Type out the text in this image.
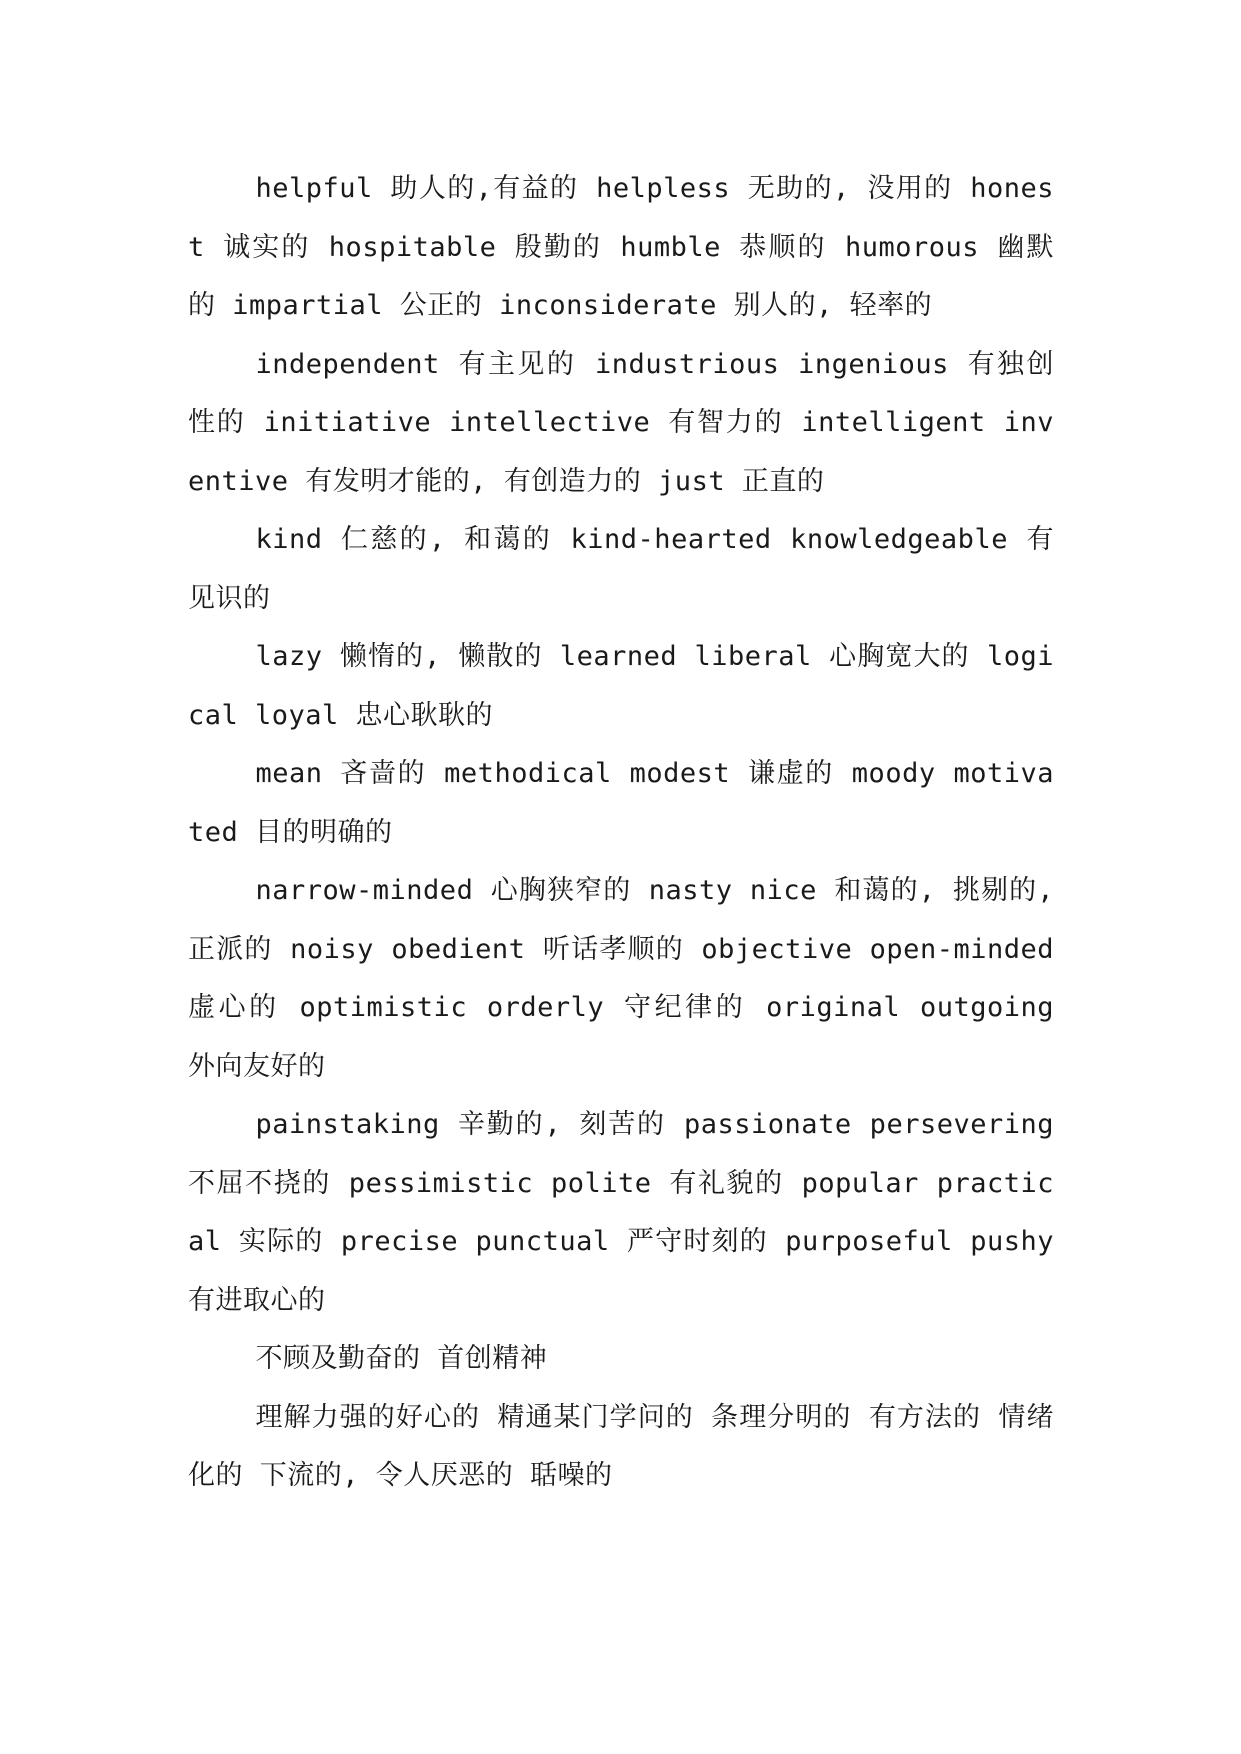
helpful 助人的,有益的 helpless 无助的, 没用的 honest 诚实的 hospitable 殷勤的 humble 恭顺的 humorous 幽默的 impartial 公正的 inconsiderate 别人的, 轻率的

independent 有主见的 industrious ingenious 有独创性的 initiative intellective 有智力的 intelligent inventive 有发明才能的, 有创造力的 just 正直的

kind 仁慈的, 和蔼的 kind-hearted knowledgeable 有见识的

lazy 懒惰的, 懒散的 learned liberal 心胸宽大的 logical loyal 忠心耿耿的

mean 吝啬的 methodical modest 谦虚的 moody motivated 目的明确的

narrow-minded 心胸狭窄的 nasty nice 和蔼的, 挑剔的, 正派的 noisy obedient 听话孝顺的 objective open-minded 虚心的 optimistic orderly 守纪律的 original outgoing 外向友好的

painstaking 辛勤的, 刻苦的 passionate persevering 不屈不挠的 pessimistic polite 有礼貌的 popular practical 实际的 precise punctual 严守时刻的 purposeful pushy 有进取心的

不顾及勤奋的 首创精神

理解力强的好心的 精通某门学问的 条理分明的 有方法的 情绪化的 下流的, 令人厌恶的 聒噪的
